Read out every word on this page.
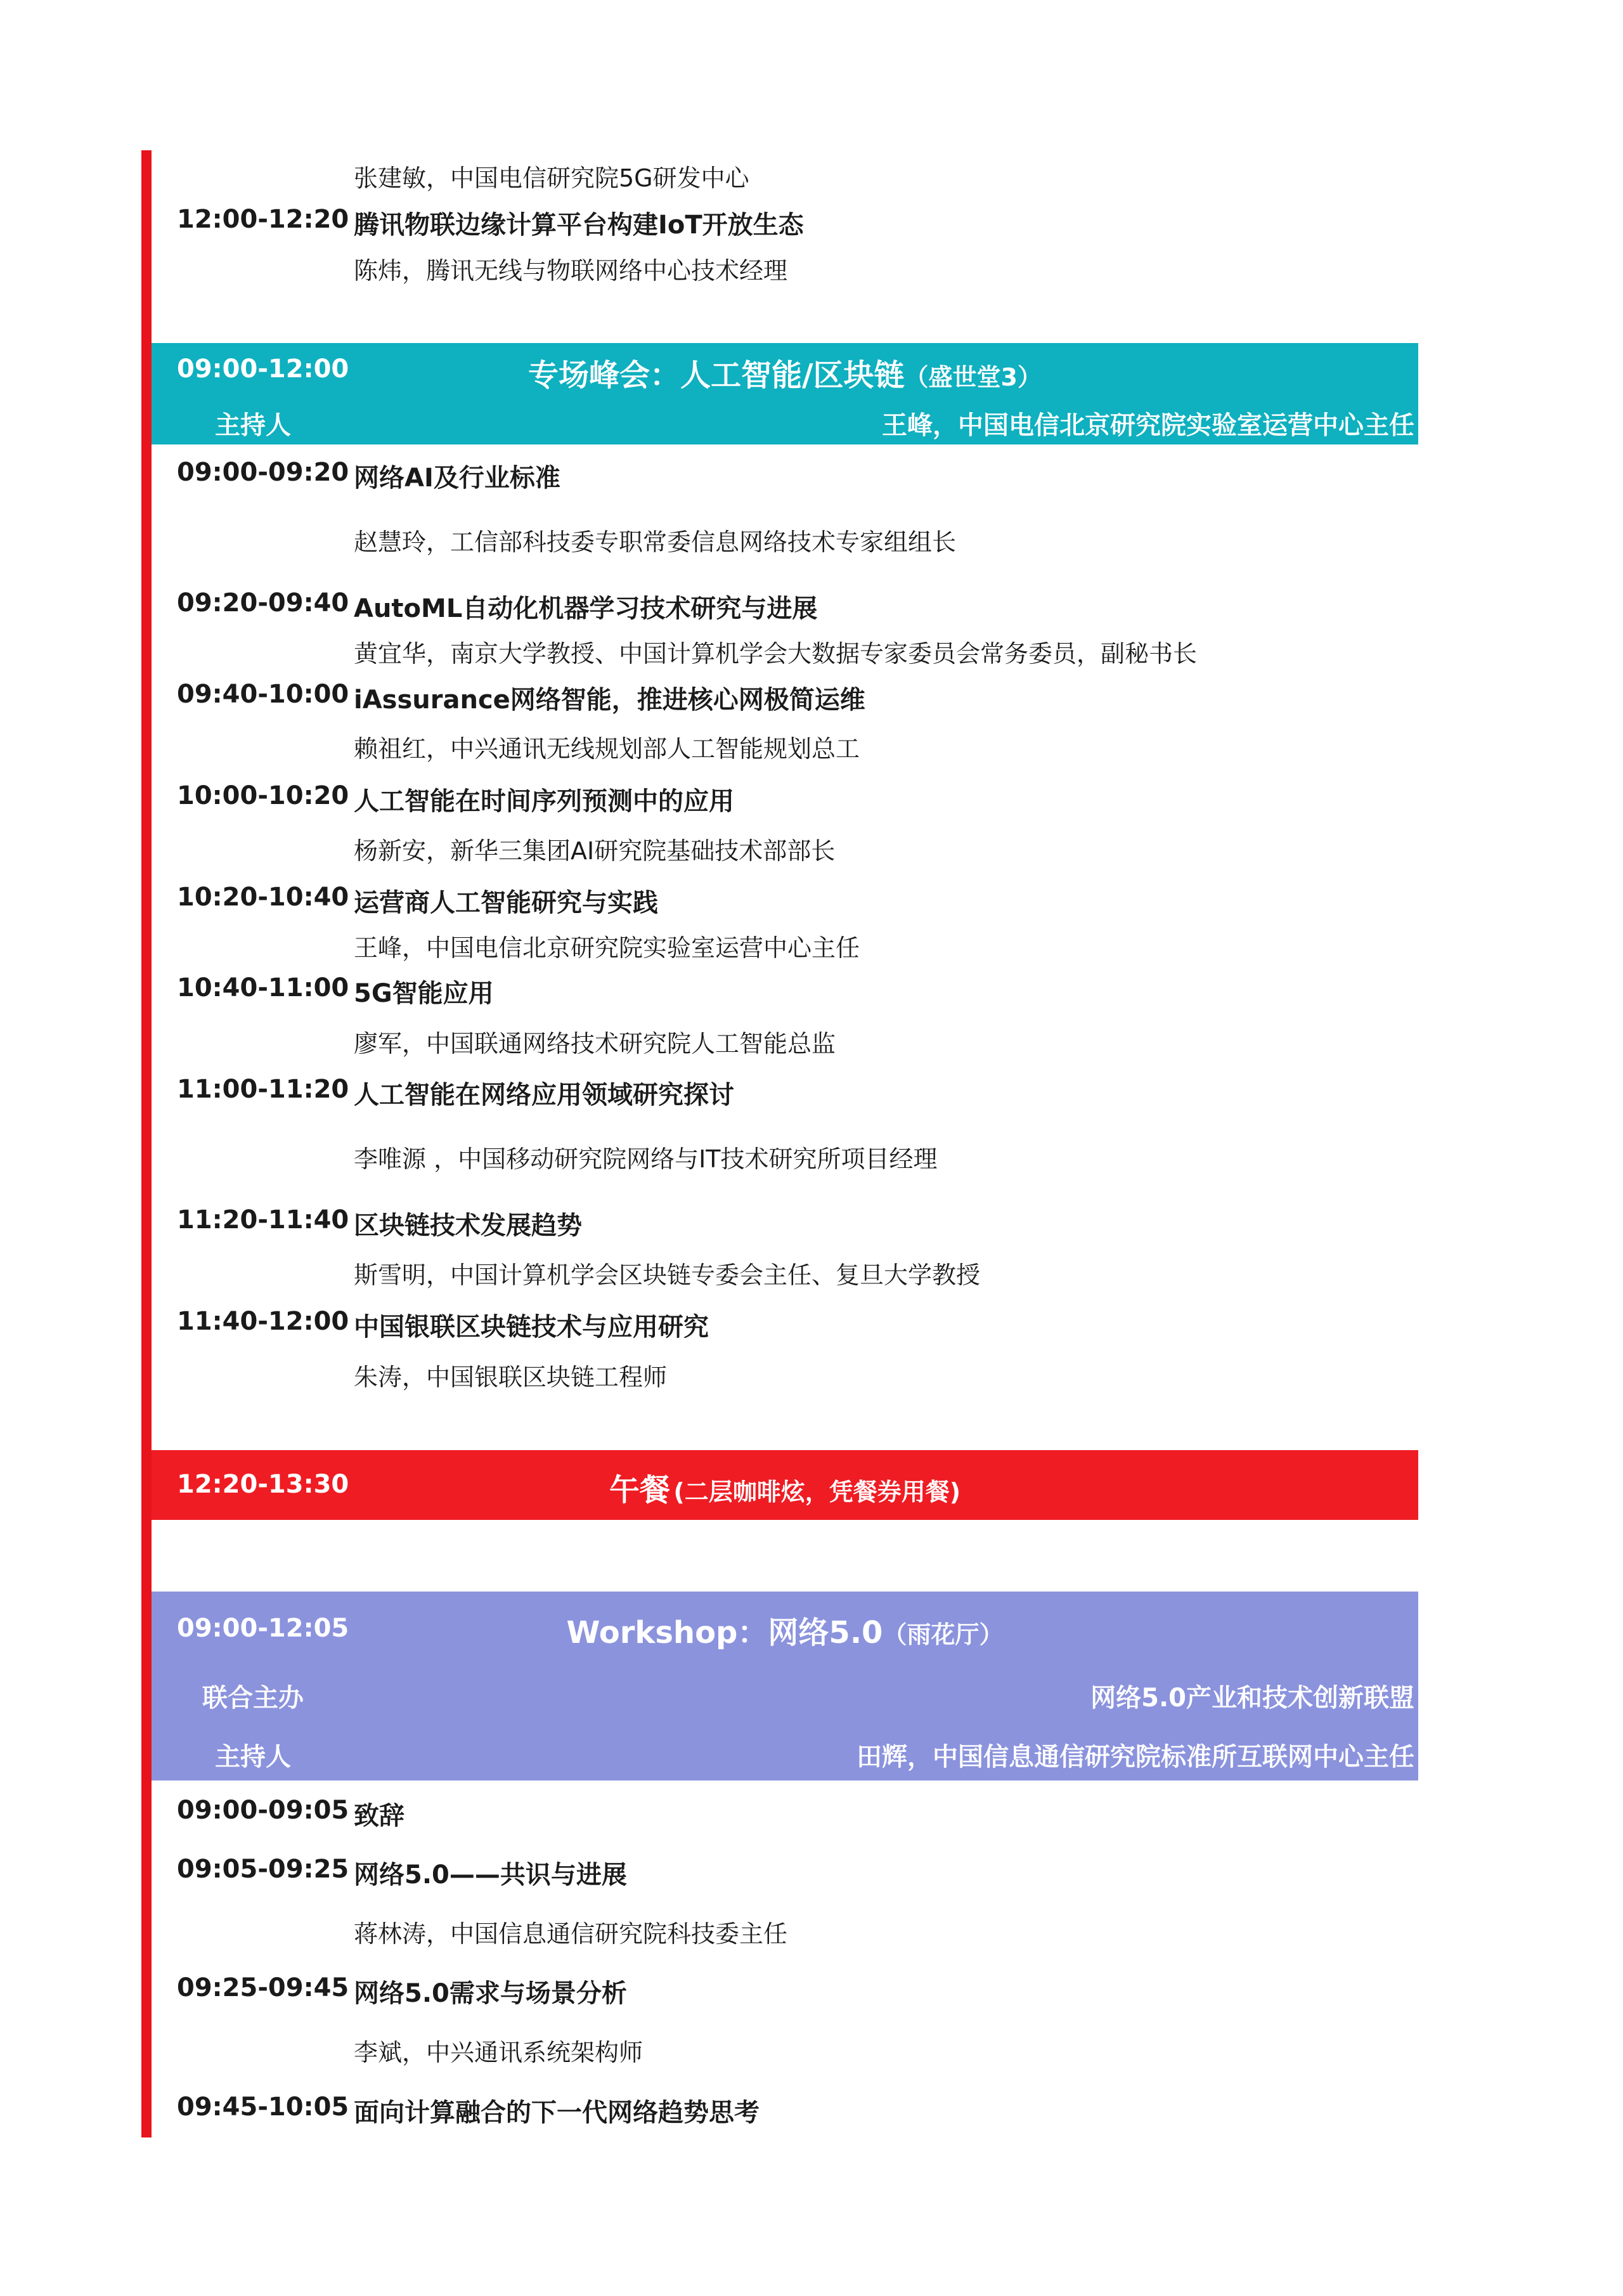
张建敏，中国电信研究院5G研发中心
12:00-12:20 腾讯物联边缘计算平台构建IoT开放生态
陈炜，腾讯无线与物联网络中心技术经理
09:00-12:00	专场峰会：人工智能/区块链（盛世堂3）
主持人	王峰，中国电信北京研究院实验室运营中心主任
09:00-09:20 网络AI及行业标准
赵慧玲，工信部科技委专职常委信息网络技术专家组组长
09:20-09:40 AutoML自动化机器学习技术研究与进展
黄宜华，南京大学教授、中国计算机学会大数据专家委员会常务委员，副秘书长
09:40-10:00 iAssurance网络智能，推进核心网极简运维
赖祖红，中兴通讯无线规划部人工智能规划总工
10:00-10:20 人工智能在时间序列预测中的应用
杨新安，新华三集团AI研究院基础技术部部长
10:20-10:40 运营商人工智能研究与实践
王峰，中国电信北京研究院实验室运营中心主任
10:40-11:00 5G智能应用
廖军，中国联通网络技术研究院人工智能总监
11:00-11:20 人工智能在网络应用领域研究探讨
李唯源 ，中国移动研究院网络与IT技术研究所项目经理
11:20-11:40 区块链技术发展趋势
斯雪明，中国计算机学会区块链专委会主任、复旦大学教授
11:40-12:00 中国银联区块链技术与应用研究
朱涛，中国银联区块链工程师
12:20-13:30	午餐 (二层咖啡炫，凭餐券用餐)
09:00-12:05	Workshop：网络5.0（雨花厅）
联合主办	网络5.0产业和技术创新联盟
主持人	田辉，中国信息通信研究院标准所互联网中心主任
09:00-09:05 致辞
09:05-09:25 网络5.0——共识与进展
蒋林涛，中国信息通信研究院科技委主任
09:25-09:45 网络5.0需求与场景分析
李斌，中兴通讯系统架构师
09:45-10:05 面向计算融合的下一代网络趋势思考
